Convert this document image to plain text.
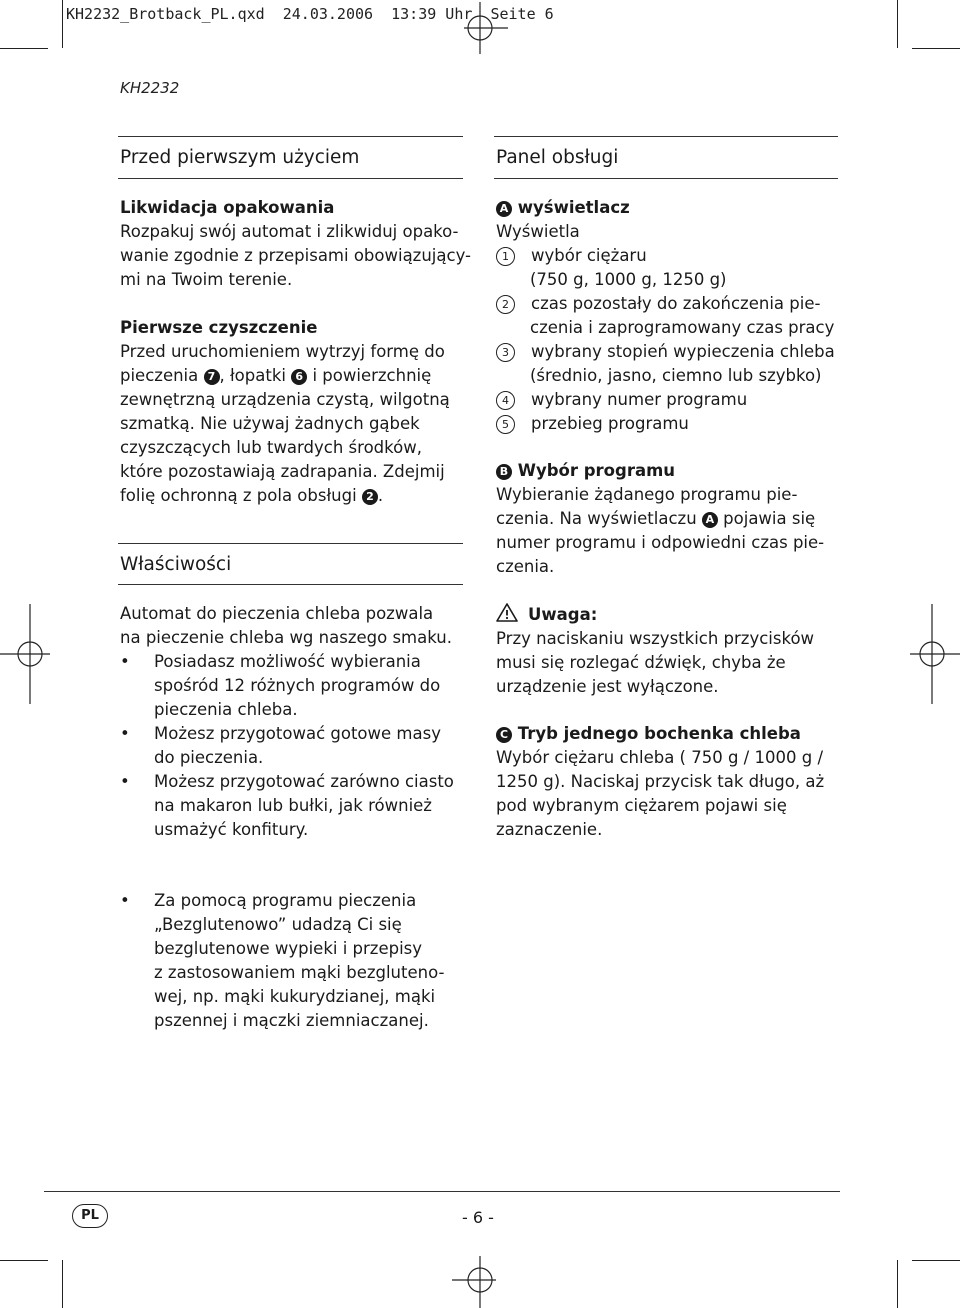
KH2232_Brotback_PL.qxd  24.03.2006  13:39 Uhr  Seite 6
KH2232
Przed pierwszym użyciem
Likwidacja opakowania
Rozpakuj swój automat i zlikwiduj opako-
wanie zgodnie z przepisami obowiązujący-
mi na Twoim terenie.
Pierwsze czyszczenie
Przed uruchomieniem wytrzyj formę do
pieczenia 7 , łopatki 6 i powierzchnię
zewnętrzną urządzenia czystą, wilgotną
szmatką. Nie używaj żadnych gąbek
czyszczących lub twardych środków,
które pozostawiają zadrapania. Zdejmij
folię ochronną z pola obsługi 2 .
Właściwości
Automat do pieczenia chleba pozwala
na pieczenie chleba wg naszego smaku.
• Posiadasz możliwość wybierania
spośród 12 różnych programów do
pieczenia chleba.
• Możesz przygotować gotowe masy
do pieczenia.
• Możesz przygotować zarówno ciasto
na makaron lub bułki, jak również
usmażyć konfitury.
• Za pomocą programu pieczenia
„Bezglutenowo” udadzą Ci się
bezglutenowe wypieki i przepisy
z zastosowaniem mąki bezgluteno-
wej, np. mąki kukurydzianej, mąki
pszennej i mączki ziemniaczanej.
Panel obsługi
A wyświetlacz
Wyświetla
1 wybór ciężaru
(750 g, 1000 g, 1250 g)
2 czas pozostały do zakończenia pie-
czenia i zaprogramowany czas pracy
3 wybrany stopień wypieczenia chleba
(średnio, jasno, ciemno lub szybko)
4 wybrany numer programu
5 przebieg programu
B Wybór programu
Wybieranie żądanego programu pie-
czenia. Na wyświetlaczu A pojawia się
numer programu i odpowiedni czas pie-
czenia.
Uwaga:
Przy naciskaniu wszystkich przycisków
musi się rozlegać dźwięk, chyba że
urządzenie jest wyłączone.
C Tryb jednego bochenka chleba
Wybór ciężaru chleba ( 750 g / 1000 g /
1250 g). Naciskaj przycisk tak długo, aż
pod wybranym ciężarem pojawi się
zaznaczenie.
PL	- 6 -
